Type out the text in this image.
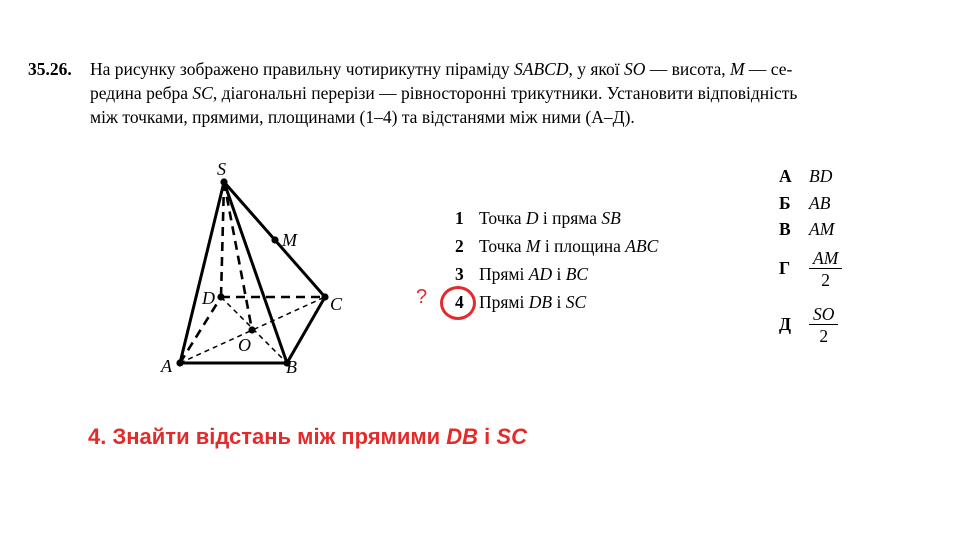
35.26. На рисунку зображено правильну чотирикутну піраміду SABCD, у якої SO — висота, M — се-
редина ребра SC, діагональні перерізи — рівносторонні трикутники. Установити відповідність
між точками, прямими, площинами (1–4) та відстанями між ними (А–Д).
S
M
D	C
O
A	B
1 Точка D і пряма SB
2 Точка M і площина ABC
3 Прямі AD і BC
4 Прямі DB і SC
?
А BD
Б AB
В AM
Г $\frac{AM}{2}$
Д $\frac{SO}{2}$
4. Знайти відстань між прямими DB і SC
